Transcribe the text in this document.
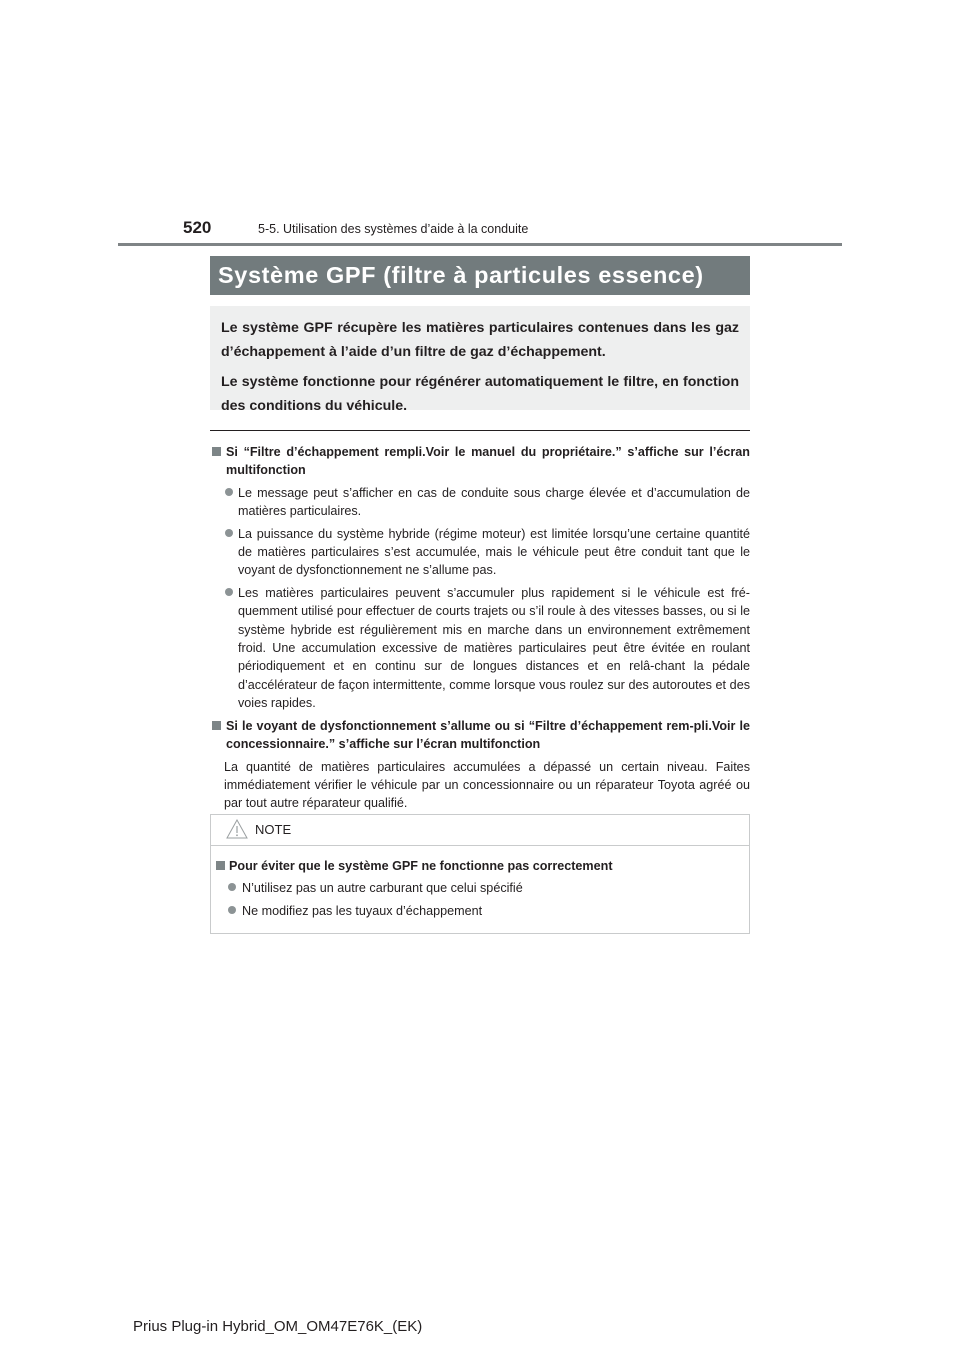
520	5-5. Utilisation des systèmes d’aide à la conduite
Système GPF (filtre à particules essence)

Le système GPF récupère les matières particulaires contenues dans les gaz d’échappement à l’aide d’un filtre de gaz d’échappement.

Le système fonctionne pour régénérer automatiquement le filtre, en fonction des conditions du véhicule.

Si “Filtre d’échappement rempli.Voir le manuel du propriétaire.” s’affiche sur l’écran multifonction
Le message peut s’afficher en cas de conduite sous charge élevée et d’accumulation de matières particulaires.
La puissance du système hybride (régime moteur) est limitée lorsqu’une certaine quantité de matières particulaires s’est accumulée, mais le véhicule peut être conduit tant que le voyant de dysfonctionnement ne s’allume pas.
Les matières particulaires peuvent s’accumuler plus rapidement si le véhicule est fré-quemment utilisé pour effectuer de courts trajets ou s’il roule à des vitesses basses, ou si le système hybride est régulièrement mis en marche dans un environnement extrêmement froid. Une accumulation excessive de matières particulaires peut être évitée en roulant périodiquement et en continu sur de longues distances et en relâ-chant la pédale d’accélérateur de façon intermittente, comme lorsque vous roulez sur des autoroutes et des voies rapides.
Si le voyant de dysfonctionnement s’allume ou si “Filtre d’échappement rem-pli.Voir le concessionnaire.” s’affiche sur l’écran multifonction
La quantité de matières particulaires accumulées a dépassé un certain niveau. Faites immédiatement vérifier le véhicule par un concessionnaire ou un réparateur Toyota agréé ou par tout autre réparateur qualifié.
NOTE
Pour éviter que le système GPF ne fonctionne pas correctement
N’utilisez pas un autre carburant que celui spécifié
Ne modifiez pas les tuyaux d’échappement
Prius Plug-in Hybrid_OM_OM47E76K_(EK)
